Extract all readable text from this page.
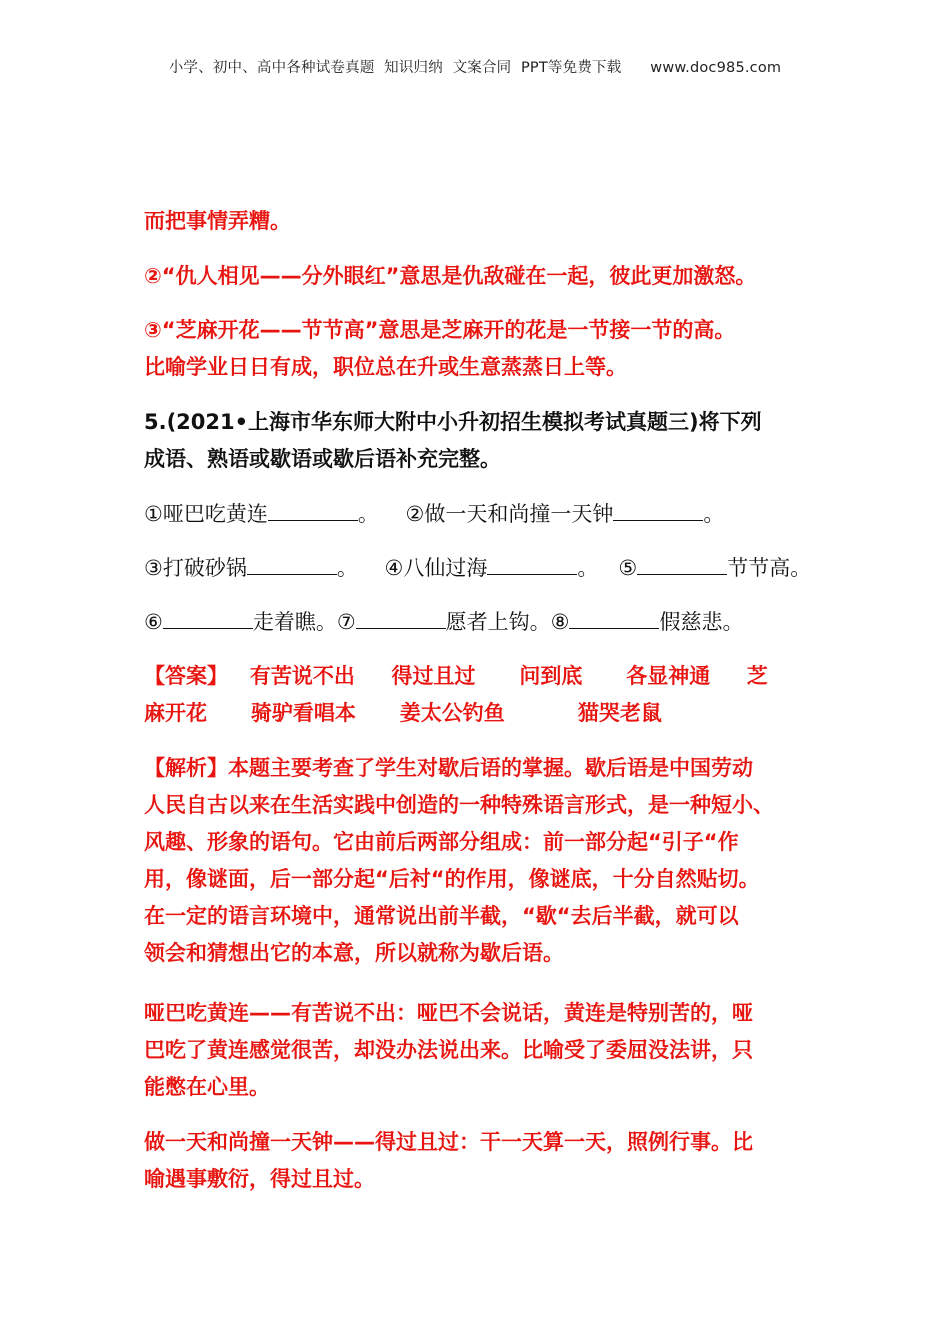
小学、初中、高中各种试卷真题  知识归纳  文案合同  PPT等免费下载      www.doc985.com
而把事情弄糟。
②“仇人相见——分外眼红”意思是仇敌碰在一起，彼此更加激怒。
③“芝麻开花——节节高”意思是芝麻开的花是一节接一节的高。
比喻学业日日有成，职位总在升或生意蒸蒸日上等。
5.(2021•上海市华东师大附中小升初招生模拟考试真题三)将下列
成语、熟语或歇语或歇后语补充完整。
①哑巴吃黄连	。 ②做一天和尚撞一天钟	。
③打破砂锅	。 ④八仙过海	。 ⑤	节节高。
⑥	走着瞧。⑦	愿者上钩。⑧	假慈悲。
【答案】   有苦说不出     得过且过      问到底      各显神通     芝
麻开花      骑驴看唱本      姜太公钓鱼          猫哭老鼠
【解析】本题主要考查了学生对歇后语的掌握。歇后语是中国劳动
人民自古以来在生活实践中创造的一种特殊语言形式，是一种短小、
风趣、形象的语句。它由前后两部分组成：前一部分起“引子“作
用，像谜面，后一部分起“后衬“的作用，像谜底，十分自然贴切。
在一定的语言环境中，通常说出前半截，“歇“去后半截，就可以
领会和猜想出它的本意，所以就称为歇后语。
哑巴吃黄连——有苦说不出：哑巴不会说话，黄连是特别苦的，哑
巴吃了黄连感觉很苦，却没办法说出来。比喻受了委屈没法讲，只
能憋在心里。
做一天和尚撞一天钟——得过且过：干一天算一天，照例行事。比
喻遇事敷衍，得过且过。
